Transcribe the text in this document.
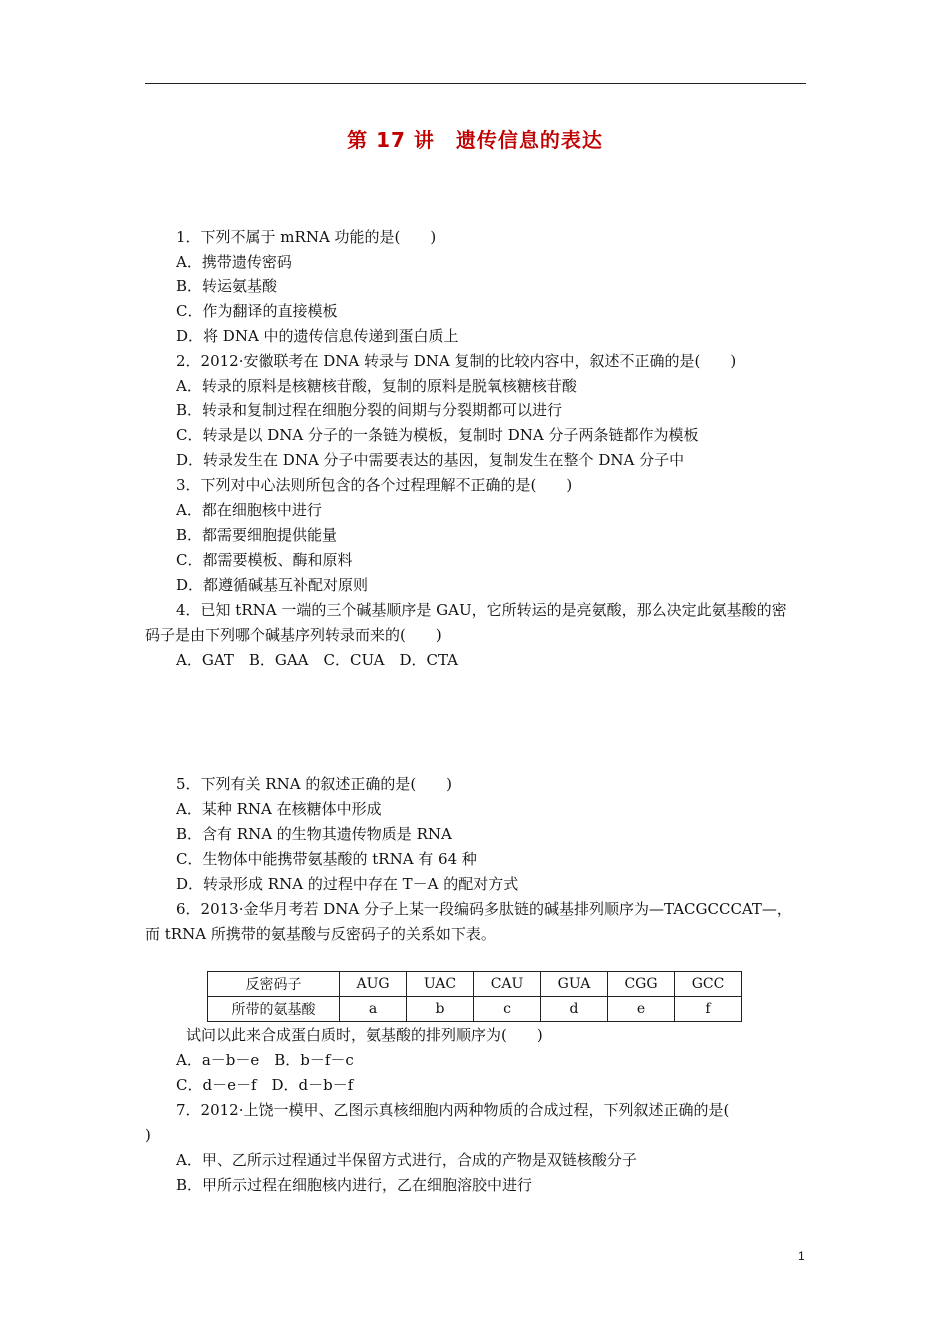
第 17 讲　遗传信息的表达
1．下列不属于 mRNA 功能的是(　　)
A．携带遗传密码
B．转运氨基酸
C．作为翻译的直接模板
D．将 DNA 中的遗传信息传递到蛋白质上
2．2012·安徽联考在 DNA 转录与 DNA 复制的比较内容中，叙述不正确的是(　　)
A．转录的原料是核糖核苷酸，复制的原料是脱氧核糖核苷酸
B．转录和复制过程在细胞分裂的间期与分裂期都可以进行
C．转录是以 DNA 分子的一条链为模板，复制时 DNA 分子两条链都作为模板
D．转录发生在 DNA 分子中需要表达的基因，复制发生在整个 DNA 分子中
3．下列对中心法则所包含的各个过程理解不正确的是(　　)
A．都在细胞核中进行
B．都需要细胞提供能量
C．都需要模板、酶和原料
D．都遵循碱基互补配对原则
4．已知 tRNA 一端的三个碱基顺序是 GAU，它所转运的是亮氨酸，那么决定此氨基酸的密
码子是由下列哪个碱基序列转录而来的(　　)
A．GAT　B．GAA　C．CUA　D．CTA
5．下列有关 RNA 的叙述正确的是(　　)
A．某种 RNA 在核糖体中形成
B．含有 RNA 的生物其遗传物质是 RNA
C．生物体中能携带氨基酸的 tRNA 有 64 种
D．转录形成 RNA 的过程中存在 T－A 的配对方式
6．2013·金华月考若 DNA 分子上某一段编码多肽链的碱基排列顺序为—TACGCCCAT—，
而 tRNA 所携带的氨基酸与反密码子的关系如下表。
反密码子	AUG	UAC	CAU	GUA	CGG	GCC
所带的氨基酸	a	b	c	d	e	f
试问以此来合成蛋白质时，氨基酸的排列顺序为(　　)
A．a－b－e　B．b－f－c
C．d－e－f　D．d－b－f
7．2012·上饶一模甲、乙图示真核细胞内两种物质的合成过程，下列叙述正确的是(
)
A．甲、乙所示过程通过半保留方式进行，合成的产物是双链核酸分子
B．甲所示过程在细胞核内进行，乙在细胞溶胶中进行
1
